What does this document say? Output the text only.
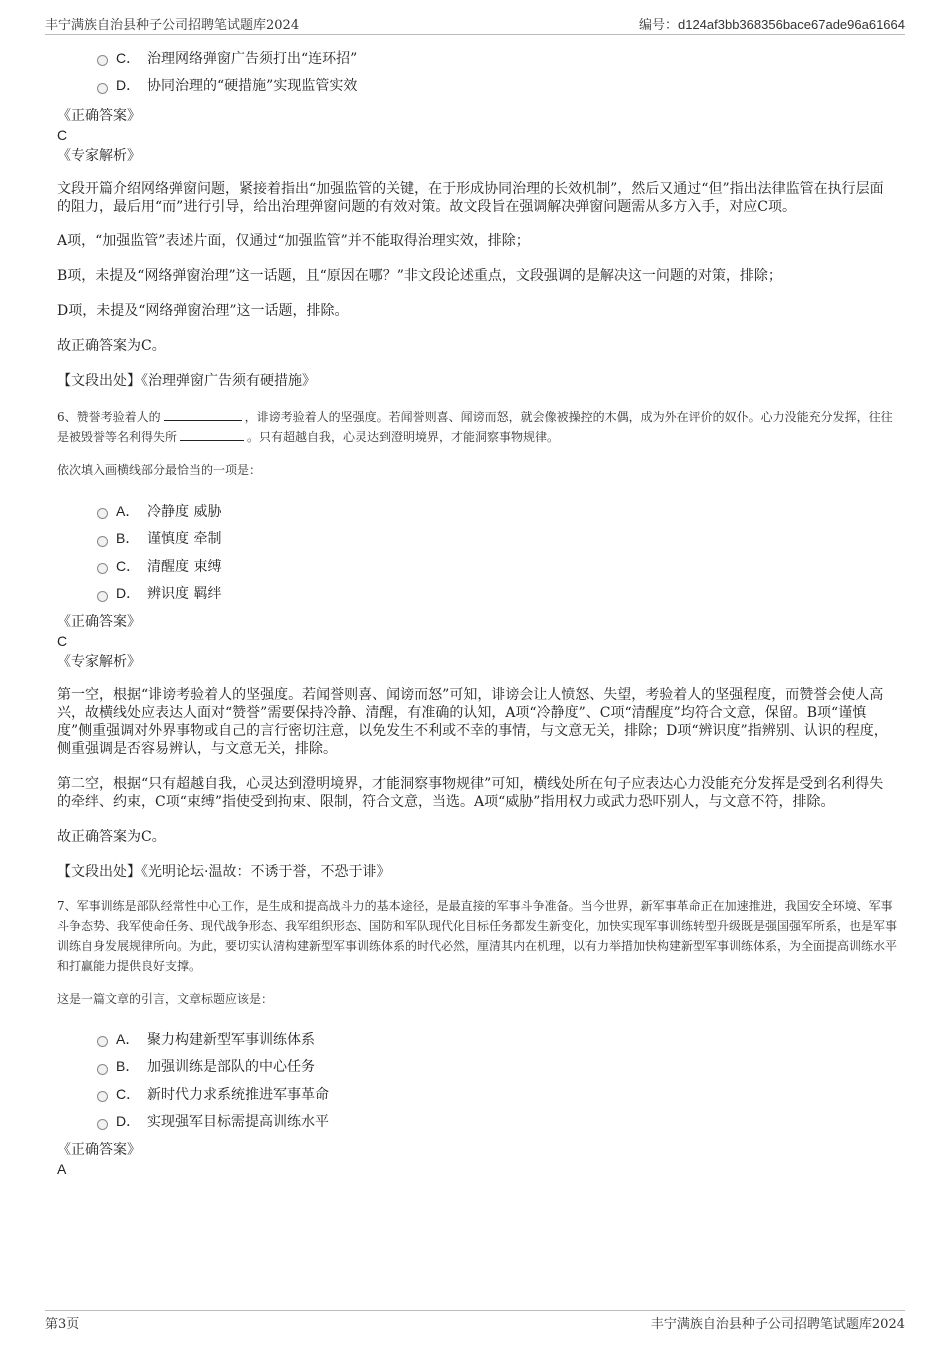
丰宁满族自治县种子公司招聘笔试题库2024	编号：d124af3bb368356bace67ade96a61664
C． 治理网络弹窗广告须打出“连环招”
D． 协同治理的“硬措施”实现监管实效
《正确答案》
C
《专家解析》

文段开篇介绍网络弹窗问题，紧接着指出“加强监管的关键，在于形成协同治理的长效机制”，然后又通过“但”指出法律监管在执行层面的阻力，最后用“而”进行引导，给出治理弹窗问题的有效对策。故文段旨在强调解决弹窗问题需从多方入手，对应C项。

A项，“加强监管”表述片面，仅通过“加强监管”并不能取得治理实效，排除；

B项，未提及“网络弹窗治理”这一话题，且“原因在哪？”非文段论述重点，文段强调的是解决这一问题的对策，排除；

D项，未提及“网络弹窗治理”这一话题，排除。

故正确答案为C。

【文段出处】《治理弹窗广告须有硬措施》

6、赞誉考验着人的	，诽谤考验着人的坚强度。若闻誉则喜、闻谤而怒，就会像被操控的木偶，成为外在评价的奴仆。心力没能充分发挥，往往是被毁誉等名利得失所	。只有超越自我，心灵达到澄明境界，才能洞察事物规律。

依次填入画横线部分最恰当的一项是：

A． 冷静度 威胁
B． 谨慎度 牵制
C． 清醒度 束缚
D． 辨识度 羁绊
《正确答案》
C
《专家解析》

第一空，根据“诽谤考验着人的坚强度。若闻誉则喜、闻谤而怒”可知，诽谤会让人愤怒、失望，考验着人的坚强程度，而赞誉会使人高兴，故横线处应表达人面对“赞誉”需要保持冷静、清醒，有准确的认知，A项“冷静度”、C项“清醒度”均符合文意，保留。B项“谨慎度”侧重强调对外界事物或自己的言行密切注意，以免发生不利或不幸的事情，与文意无关，排除；D项“辨识度”指辨别、认识的程度，侧重强调是否容易辨认，与文意无关，排除。

第二空，根据“只有超越自我，心灵达到澄明境界，才能洞察事物规律”可知，横线处所在句子应表达心力没能充分发挥是受到名利得失的牵绊、约束，C项“束缚”指使受到拘束、限制，符合文意，当选。A项“威胁”指用权力或武力恐吓别人，与文意不符，排除。

故正确答案为C。

【文段出处】《光明论坛·温故：不诱于誉，不恐于诽》

7、军事训练是部队经常性中心工作，是生成和提高战斗力的基本途径，是最直接的军事斗争准备。当今世界，新军事革命正在加速推进，我国安全环境、军事斗争态势、我军使命任务、现代战争形态、我军组织形态、国防和军队现代化目标任务都发生新变化，加快实现军事训练转型升级既是强国强军所系，也是军事训练自身发展规律所向。为此，要切实认清构建新型军事训练体系的时代必然，厘清其内在机理，以有力举措加快构建新型军事训练体系，为全面提高训练水平和打赢能力提供良好支撑。

这是一篇文章的引言，文章标题应该是：

A． 聚力构建新型军事训练体系
B． 加强训练是部队的中心任务
C． 新时代力求系统推进军事革命
D． 实现强军目标需提高训练水平
《正确答案》
A
第3页	丰宁满族自治县种子公司招聘笔试题库2024
